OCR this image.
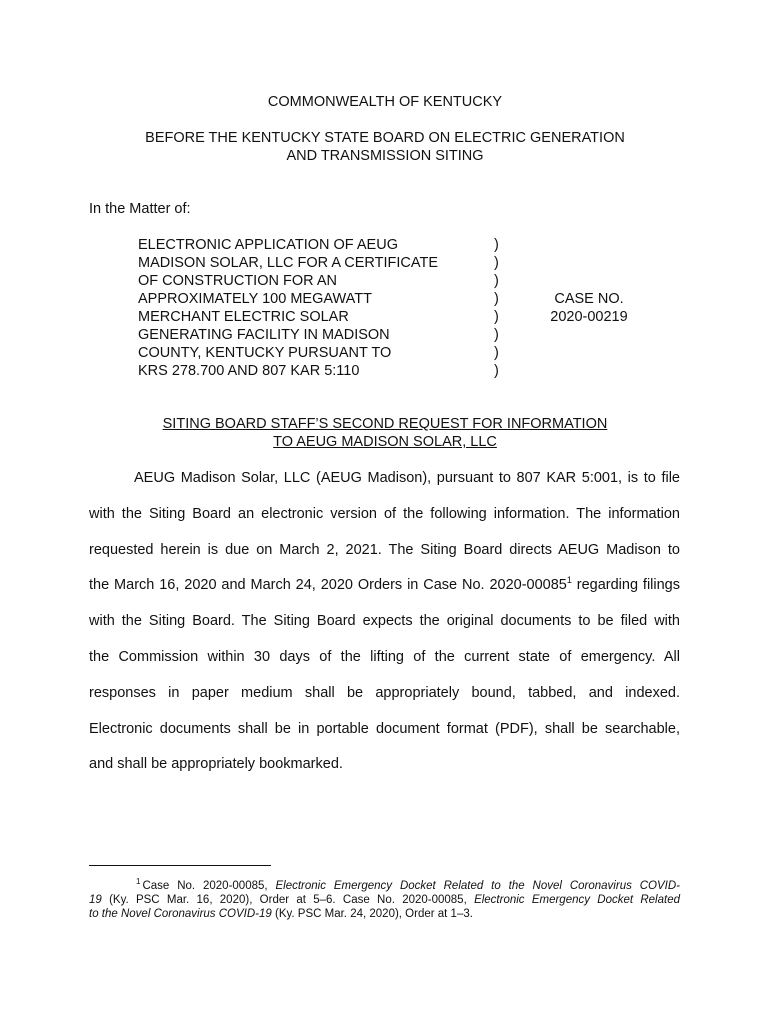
COMMONWEALTH OF KENTUCKY
BEFORE THE KENTUCKY STATE BOARD ON ELECTRIC GENERATION
AND TRANSMISSION SITING
In the Matter of:
ELECTRONIC APPLICATION OF AEUG
MADISON SOLAR, LLC FOR A CERTIFICATE
OF CONSTRUCTION FOR AN
APPROXIMATELY 100 MEGAWATT
MERCHANT ELECTRIC SOLAR
GENERATING FACILITY IN MADISON
COUNTY, KENTUCKY PURSUANT TO
KRS 278.700 AND 807 KAR 5:110
)
)
)
)
)
)
)
)
CASE NO.
2020-00219
SITING BOARD STAFF’S SECOND REQUEST FOR INFORMATION
TO AEUG MADISON SOLAR, LLC
AEUG Madison Solar, LLC (AEUG Madison), pursuant to 807 KAR 5:001, is to file
with the Siting Board an electronic version of the following information. The information
requested herein is due on March 2, 2021. The Siting Board directs AEUG Madison to
the March 16, 2020 and March 24, 2020 Orders in Case No. 2020-00085$^1$ regarding filings
with the Siting Board. The Siting Board expects the original documents to be filed with
the Commission within 30 days of the lifting of the current state of emergency. All
responses in paper medium shall be appropriately bound, tabbed, and indexed.
Electronic documents shall be in portable document format (PDF), shall be searchable,
and shall be appropriately bookmarked.
$^1$ Case No. 2020-00085, Electronic Emergency Docket Related to the Novel Coronavirus COVID-
19 (Ky. PSC Mar. 16, 2020), Order at 5–6. Case No. 2020-00085, Electronic Emergency Docket Related
to the Novel Coronavirus COVID-19 (Ky. PSC Mar. 24, 2020), Order at 1–3.
